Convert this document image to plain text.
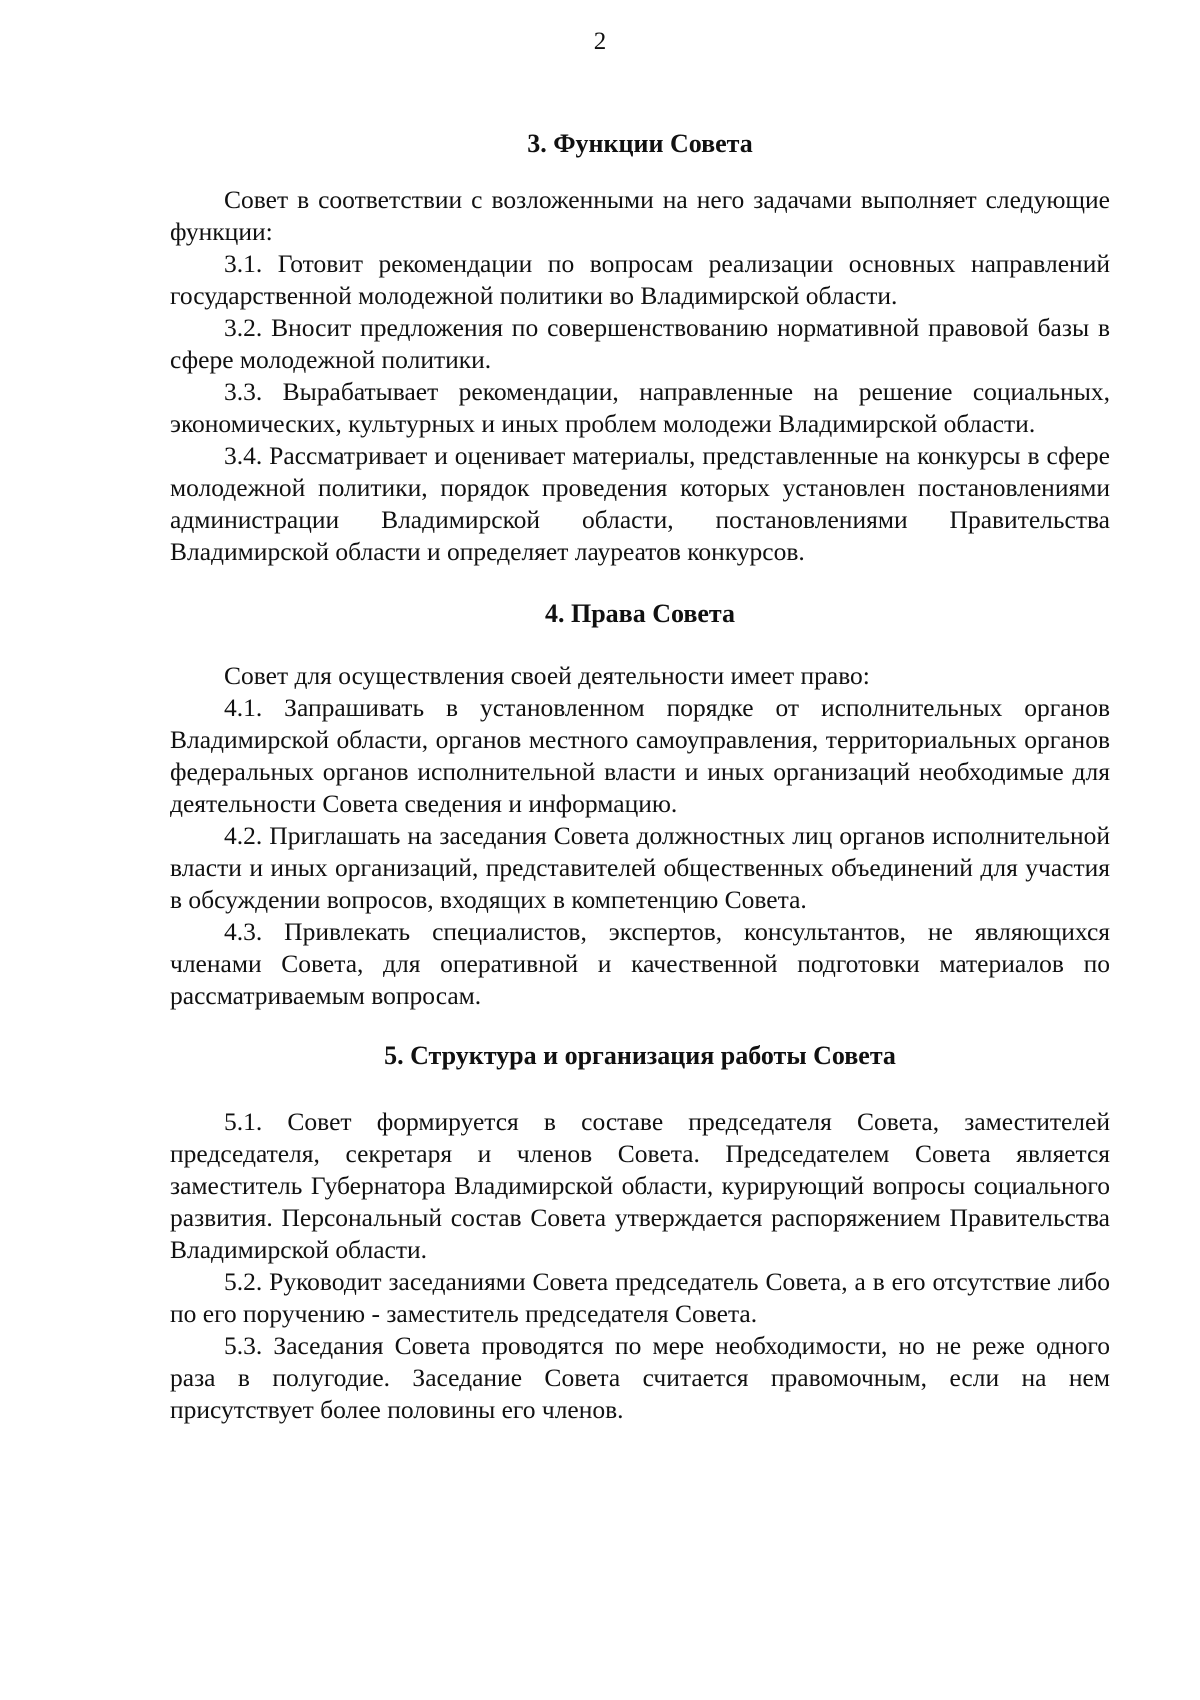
2

3. Функции Совета

Совет в соответствии с возложенными на него задачами выполняет следующие функции:

3.1. Готовит рекомендации по вопросам реализации основных направлений государственной молодежной политики во Владимирской области.

3.2. Вносит предложения по совершенствованию нормативной правовой базы в сфере молодежной политики.

3.3. Вырабатывает рекомендации, направленные на решение социальных, экономических, культурных и иных проблем молодежи Владимирской области.

3.4. Рассматривает и оценивает материалы, представленные на конкурсы в сфере молодежной политики, порядок проведения которых установлен постановлениями администрации Владимирской области, постановлениями Правительства Владимирской области и определяет лауреатов конкурсов.

4. Права Совета

Совет для осуществления своей деятельности имеет право:

4.1. Запрашивать в установленном порядке от исполнительных органов Владимирской области, органов местного самоуправления, территориальных органов федеральных органов исполнительной власти и иных организаций необходимые для деятельности Совета сведения и информацию.

4.2. Приглашать на заседания Совета должностных лиц органов исполнительной власти и иных организаций, представителей общественных объединений для участия в обсуждении вопросов, входящих в компетенцию Совета.

4.3. Привлекать специалистов, экспертов, консультантов, не являющихся членами Совета, для оперативной и качественной подготовки материалов по рассматриваемым вопросам.

5. Структура и организация работы Совета

5.1. Совет формируется в составе председателя Совета, заместителей председателя, секретаря и членов Совета. Председателем Совета является заместитель Губернатора Владимирской области, курирующий вопросы социального развития. Персональный состав Совета утверждается распоряжением Правительства Владимирской области.

5.2. Руководит заседаниями Совета председатель Совета, а в его отсутствие либо по его поручению - заместитель председателя Совета.

5.3. Заседания Совета проводятся по мере необходимости, но не реже одного раза в полугодие. Заседание Совета считается правомочным, если на нем присутствует более половины его членов.
